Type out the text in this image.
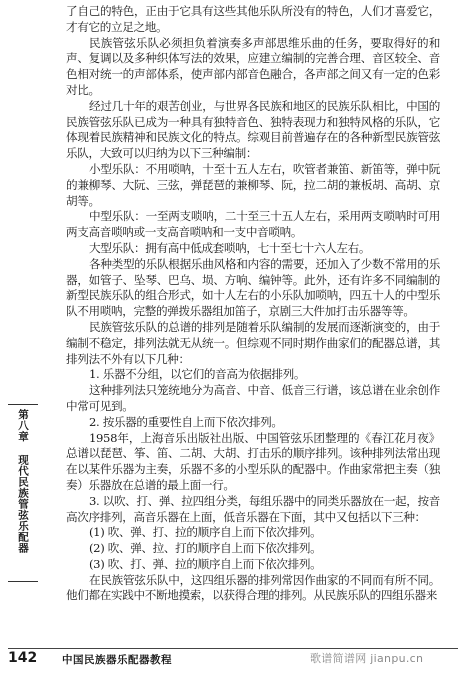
了自己的特色，正由于它具有这些其他乐队所没有的特色，人们才喜爱它，才有它的立足之地。

民族管弦乐队必须担负着演奏多声部思维乐曲的任务，要取得好的和声、复调以及多种织体写法的效果，应建立编制的完善合理、音区较全、音色相对统一的声部体系，使声部内部音色融合，各声部之间又有一定的色彩对比。

经过几十年的艰苦创业，与世界各民族和地区的民族乐队相比，中国的民族管弦乐队已成为一种具有独特音色、独特表现力和独特风格的乐队，它体现着民族精神和民族文化的特点。综观目前普遍存在的各种新型民族管弦乐队，大致可以归纳为以下三种编制：

小型乐队：不用唢呐，十至十五人左右，吹管者兼笛、新笛等，弹中阮的兼柳琴、大阮、三弦，弹琵琶的兼柳琴、阮，拉二胡的兼板胡、高胡、京胡等。

中型乐队：一至两支唢呐，二十至三十五人左右，采用两支唢呐时可用两支高音唢呐或一支高音唢呐和一支中音唢呐。

大型乐队：拥有高中低成套唢呐，七十至七十六人左右。

各种类型的乐队根据乐曲风格和内容的需要，还加入了少数不常用的乐器，如管子、坠琴、巴乌、埙、方响、编钟等。此外，还有许多不同编制的新型民族乐队的组合形式，如十人左右的小乐队加唢呐，四五十人的中型乐队不用唢呐，完整的弹拨乐器组加笛子，京剧三大件加打击乐器等等。

民族管弦乐队的总谱的排列是随着乐队编制的发展而逐渐演变的，由于编制不稳定，排列法就无从统一。但综观不同时期作曲家们的配器总谱，其排列法不外有以下几种：

1. 乐器不分组，以它们的音高为依据排列。

这种排列法只笼统地分为高音、中音、低音三行谱，该总谱在业余创作中常可见到。

2. 按乐器的重要性自上而下依次排列。

1958年，上海音乐出版社出版、中国管弦乐团整理的《春江花月夜》总谱以琵琶、筝、笛、二胡、大胡、打击乐的顺序排列。该种排列法常出现在以某件乐器为主奏，乐器不多的小型乐队的配器中。作曲家常把主奏（独奏）乐器放在总谱的最上面一行。

3. 以吹、打、弹、拉四组分类，每组乐器中的同类乐器放在一起，按音高次序排列，高音乐器在上面，低音乐器在下面，其中又包括以下三种：

(1) 吹、弹、打、拉的顺序自上而下依次排列。

(2) 吹、弹、拉、打的顺序自上而下依次排列。

(3) 吹、打、弹、拉的顺序自上而下依次排列。

在民族管弦乐队中，这四组乐器的排列常因作曲家的不同而有所不同。他们都在实践中不断地摸索，以获得合理的排列。从民族乐队的四组乐器来

第八章 现代民族管弦乐配器
142 中国民族器乐配器教程	歌谱简谱网 jianpu.cn
